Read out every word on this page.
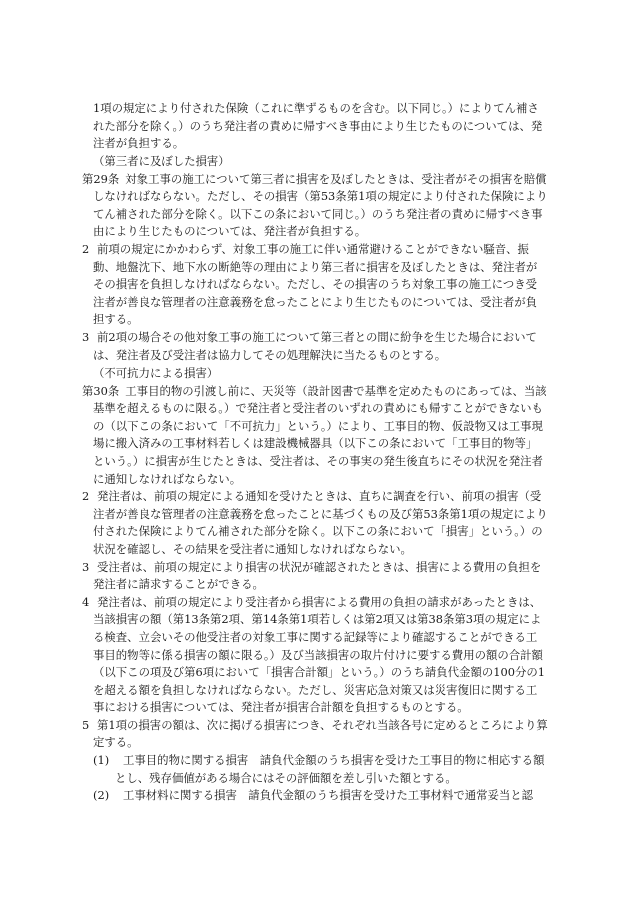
1項の規定により付された保険（これに準ずるものを含む。以下同じ。）によりてん補された部分を除く。）のうち発注者の責めに帰すべき事由により生じたものについては、発注者が負担する。

（第三者に及ぼした損害）

第29条 対象工事の施工について第三者に損害を及ぼしたときは、受注者がその損害を賠償しなければならない。ただし、その損害（第53条第1項の規定により付された保険によりてん補された部分を除く。以下この条において同じ。）のうち発注者の責めに帰すべき事由により生じたものについては、発注者が負担する。

2 前項の規定にかかわらず、対象工事の施工に伴い通常避けることができない騒音、振動、地盤沈下、地下水の断絶等の理由により第三者に損害を及ぼしたときは、発注者がその損害を負担しなければならない。ただし、その損害のうち対象工事の施工につき受注者が善良な管理者の注意義務を怠ったことにより生じたものについては、受注者が負担する。

3 前2項の場合その他対象工事の施工について第三者との間に紛争を生じた場合においては、発注者及び受注者は協力してその処理解決に当たるものとする。

（不可抗力による損害）

第30条 工事目的物の引渡し前に、天災等（設計図書で基準を定めたものにあっては、当該基準を超えるものに限る。）で発注者と受注者のいずれの責めにも帰すことができないもの（以下この条において「不可抗力」という。）により、工事目的物、仮設物又は工事現場に搬入済みの工事材料若しくは建設機械器具（以下この条において「工事目的物等」という。）に損害が生じたときは、受注者は、その事実の発生後直ちにその状況を発注者に通知しなければならない。

2 発注者は、前項の規定による通知を受けたときは、直ちに調査を行い、前項の損害（受注者が善良な管理者の注意義務を怠ったことに基づくもの及び第53条第1項の規定により付された保険によりてん補された部分を除く。以下この条において「損害」という。）の状況を確認し、その結果を受注者に通知しなければならない。

3 受注者は、前項の規定により損害の状況が確認されたときは、損害による費用の負担を発注者に請求することができる。

4 発注者は、前項の規定により受注者から損害による費用の負担の請求があったときは、当該損害の額（第13条第2項、第14条第1項若しくは第2項又は第38条第3項の規定による検査、立会いその他受注者の対象工事に関する記録等により確認することができる工事目的物等に係る損害の額に限る。）及び当該損害の取片付けに要する費用の額の合計額（以下この項及び第6項において「損害合計額」という。）のうち請負代金額の100分の1を超える額を負担しなければならない。ただし、災害応急対策又は災害復旧に関する工事における損害については、発注者が損害合計額を負担するものとする。

5 第1項の損害の額は、次に掲げる損害につき、それぞれ当該各号に定めるところにより算定する。

(1) 工事目的物に関する損害　請負代金額のうち損害を受けた工事目的物に相応する額とし、残存価値がある場合にはその評価額を差し引いた額とする。

(2) 工事材料に関する損害　請負代金額のうち損害を受けた工事材料で通常妥当と認
